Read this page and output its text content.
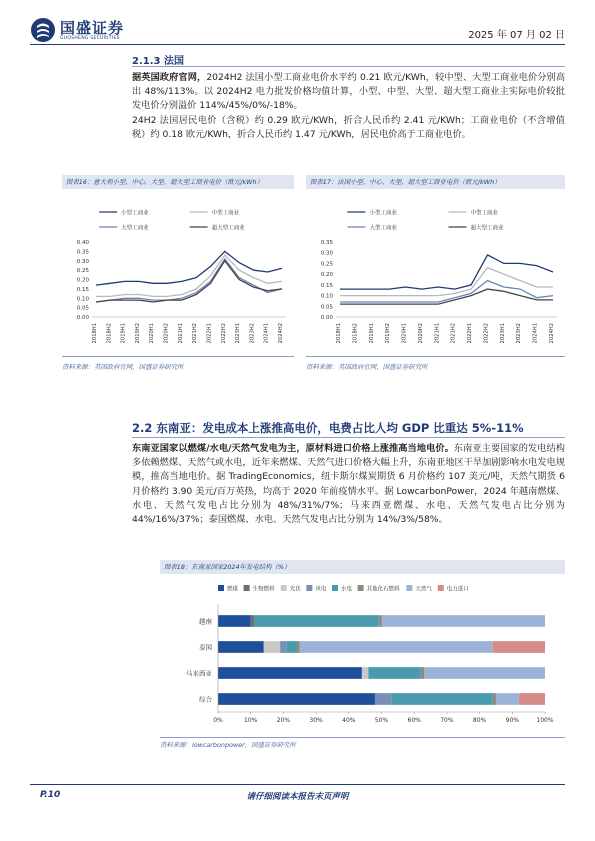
国盛证券
GUOSHENG SECURITIES	2025 年 07 月 02 日
2.1.3 法国
据英国政府官网，2024H2 法国小型工商业电价水平约 0.21 欧元/KWh，较中型、大型工商业电价分别高出 48%/113%。以 2024H2 电力批发价格均值计算，小型、中型、大型、超大型工商业主实际电价较批发电价分别溢价 114%/45%/0%/-18%。
24H2 法国居民电价（含税）约 0.29 欧元/KWh，折合人民币约 2.41 元/KWh；工商业电价（不含增值税）约 0.18 欧元/KWh，折合人民币约 1.47 元/KWh，居民电价高于工商业电价。
图表16：意大利小型、中心、大型、超大型工商业电价（欧元/kWh）
小型工商业	中型工商业
大型工商业	超大型工商业
0.00
0.05
0.10
0.15
0.20
0.25
0.30
0.35
0.40
2018H1 2018H2 2019H1 2019H2 2020H1 2020H2 2021H1 2021H2 2022H1 2022H2 2023H1 2023H2 2024H1 2024H2
资料来源：英国政府官网，国盛证券研究所
图表17：法国小型、中心、大型、超大型工商业电价（欧元/kWh）
小型工商业	中型工商业
大型工商业	超大型工商业
0.00
0.05
0.10
0.15
0.20
0.25
0.30
0.35
2018H1 2018H2 2019H1 2019H2 2020H1 2020H2 2021H1 2021H2 2022H1 2022H2 2023H1 2023H2 2024H1 2024H2
资料来源：英国政府官网，国盛证券研究所
2.2 东南亚：发电成本上涨推高电价，电费占比人均 GDP 比重达 5%-11%
东南亚国家以燃煤/水电/天然气发电为主，原材料进口价格上涨推高当地电价。东南亚主要国家的发电结构多依赖燃煤、天然气或水电，近年来燃煤、天然气进口价格大幅上升，东南亚地区干旱加剧影响水电发电规模，推高当地电价。据 TradingEconomics，纽卡斯尔煤炭期货 6 月价格约 107 美元/吨，天然气期货 6 月价格约 3.90 美元/百万英热，均高于 2020 年前疫情水平。据 LowcarbonPower，2024 年越南燃煤、水电、天然气发电占比分别为 48%/31%/7%；马来西亚燃煤、水电、天然气发电占比分别为 44%/16%/37%；泰国燃煤、水电、天然气发电占比分别为 14%/3%/58%。
图表18：东南亚国家2024年发电结构（%）
燃煤	生物燃料	光伏	风电	水电	其他化石燃料	天然气	电力进口
越南
泰国
马来西亚
综合
0%	10%	20%	30%	40%	50%	60%	70%	80%	90%	100%
资料来源：lowcarbonpower，国盛证券研究所
P.10	请仔细阅读本报告末页声明
